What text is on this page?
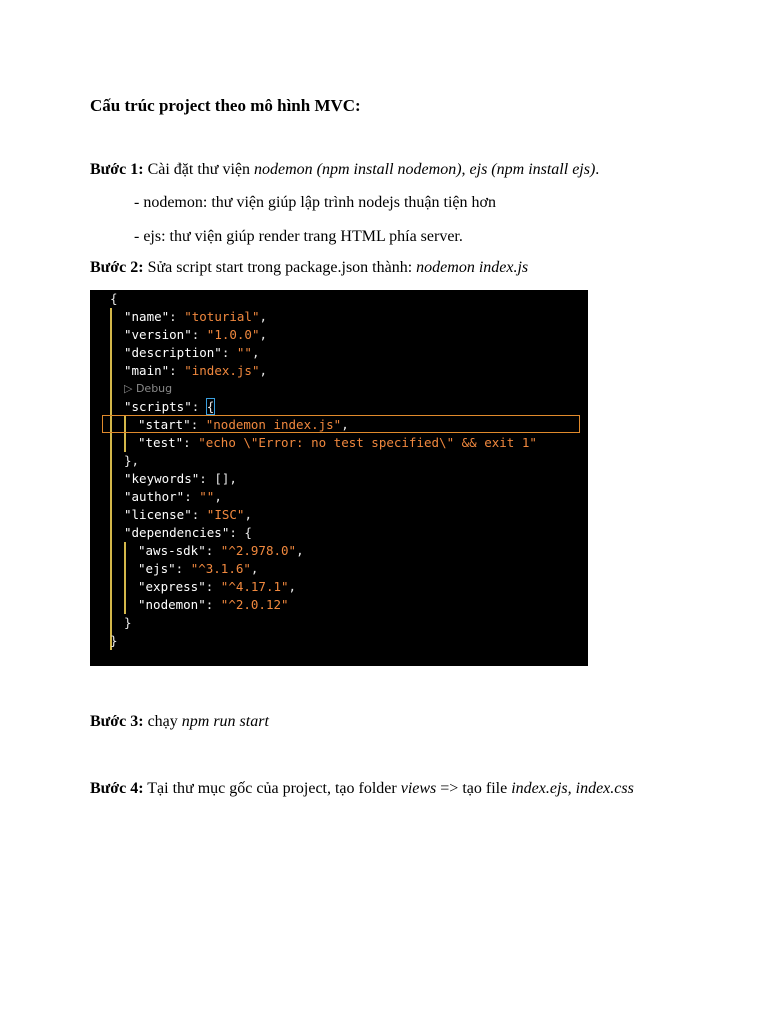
Cấu trúc project theo mô hình MVC:
Bước 1: Cài đặt thư viện nodemon (npm install nodemon), ejs (npm install ejs).
- nodemon: thư viện giúp lập trình nodejs thuận tiện hơn
- ejs: thư viện giúp render trang HTML phía server.
Bước 2: Sửa script start trong package.json thành: nodemon index.js
{
"name": "toturial",
"version": "1.0.0",
"description": "",
"main": "index.js",
▷ Debug
"scripts": {
"start": "nodemon index.js",
"test": "echo \"Error: no test specified\" && exit 1"
},
"keywords": [],
"author": "",
"license": "ISC",
"dependencies": {
"aws-sdk": "^2.978.0",
"ejs": "^3.1.6",
"express": "^4.17.1",
"nodemon": "^2.0.12"
}
}
Bước 3: chạy npm run start
Bước 4: Tại thư mục gốc của project, tạo folder views => tạo file index.ejs, index.css
